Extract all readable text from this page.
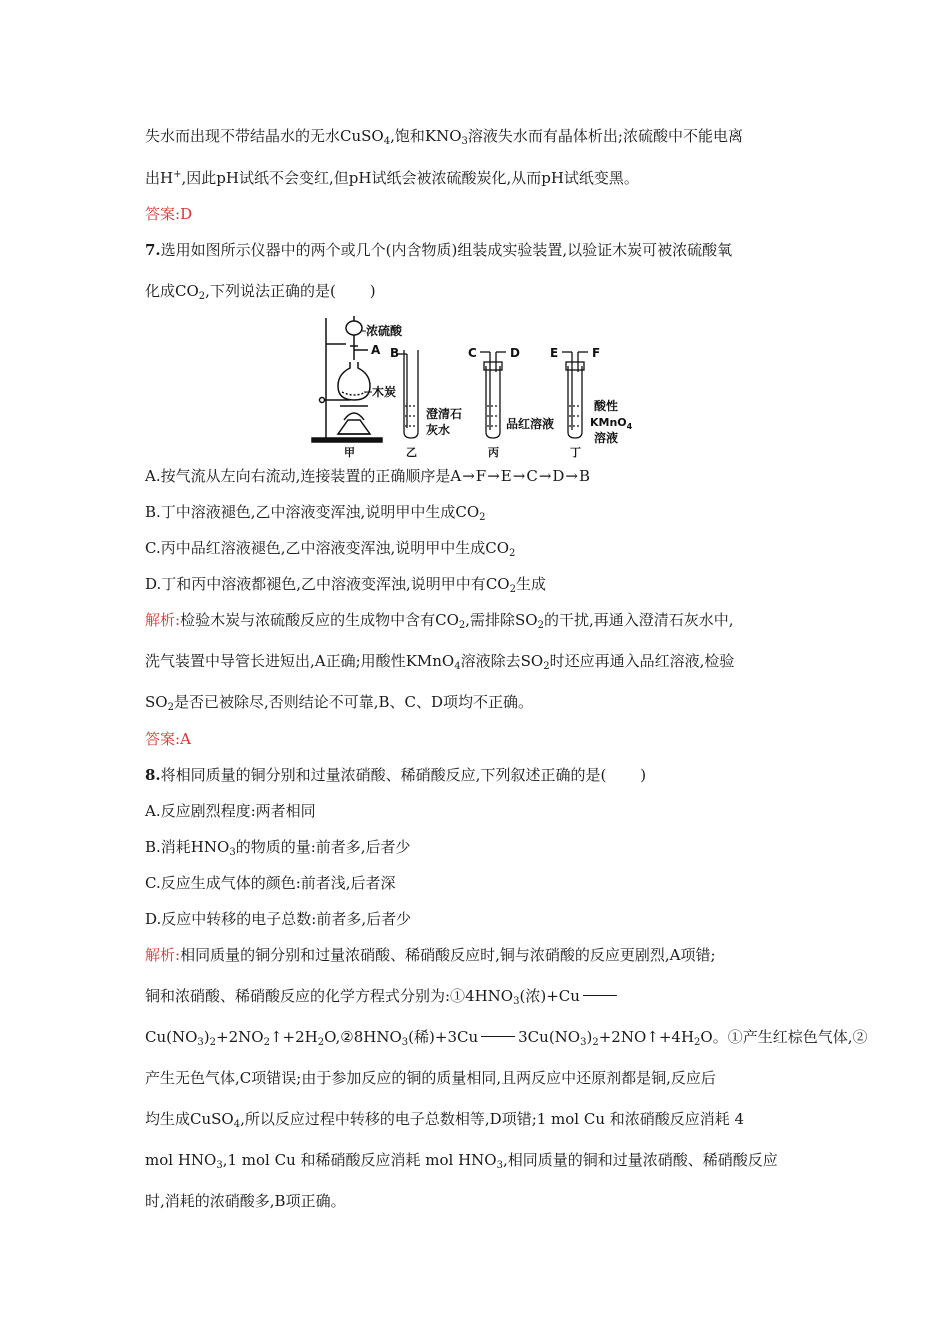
失水而出现不带结晶水的无水CuSO$_4$,饱和$KNO_3$溶液失水而有晶体析出;浓硫酸中不能电离
出H+,因此pH试纸不会变红,但pH试纸会被浓硫酸炭化,从而pH试纸变黑。
答案:D
7.选用如图所示仪器中的两个或几个(内含物质)组装成实验装置,以验证木炭可被浓硫酸氧
化成$CO_2$,下列说法正确的是( )
浓硫酸
A
木炭
甲
B
澄清石
灰水
乙
C	D
品红溶液
丙
E	F
酸性
KMnO$_4$
溶液
丁
A.按气流从左向右流动,连接装置的正确顺序是A→F→E→C→D→B
B.丁中溶液褪色,乙中溶液变浑浊,说明甲中生成$CO_2$
C.丙中品红溶液褪色,乙中溶液变浑浊,说明甲中生成$CO_2$
D.丁和丙中溶液都褪色,乙中溶液变浑浊,说明甲中有$CO_2$生成
解析:检验木炭与浓硫酸反应的生成物中含有$CO_2$,需排除$SO_2$的干扰,再通入澄清石灰水中,
洗气装置中导管长进短出,A正确;用酸性KMnO$_4$溶液除去$SO_2$时还应再通入品红溶液,检验
$SO_2$是否已被除尽,否则结论不可靠,B、C、D项均不正确。
答案:A
8.将相同质量的铜分别和过量浓硝酸、稀硝酸反应,下列叙述正确的是( )
A.反应剧烈程度:两者相同
B.消耗$HNO_3$的物质的量:前者多,后者少
C.反应生成气体的颜色:前者浅,后者深
D.反应中转移的电子总数:前者多,后者少
解析:相同质量的铜分别和过量浓硝酸、稀硝酸反应时,铜与浓硝酸的反应更剧烈,A项错;
铜和浓硝酸、稀硝酸反应的化学方程式分别为$:①4HNO_3$(浓)+Cu
$Cu(NO_3)_2+2NO_2↑+2H_2O,②8HNO_3$(稀)+3Cu	$3Cu(NO_3)_2+2NO↑+4H_2O$。①产生红棕色气体,②
产生无色气体,C项错误;由于参加反应的铜的质量相同,且两反应中还原剂都是铜,反应后
均生成CuSO$_4$,所以反应过程中转移的电子总数相等,D项错;1 mol Cu 和浓硝酸反应消耗 4
mol $HNO_3,1$ mol Cu 和稀硝酸反应消耗 mol $HNO_3$,相同质量的铜和过量浓硝酸、稀硝酸反应
时,消耗的浓硝酸多,B项正确。
